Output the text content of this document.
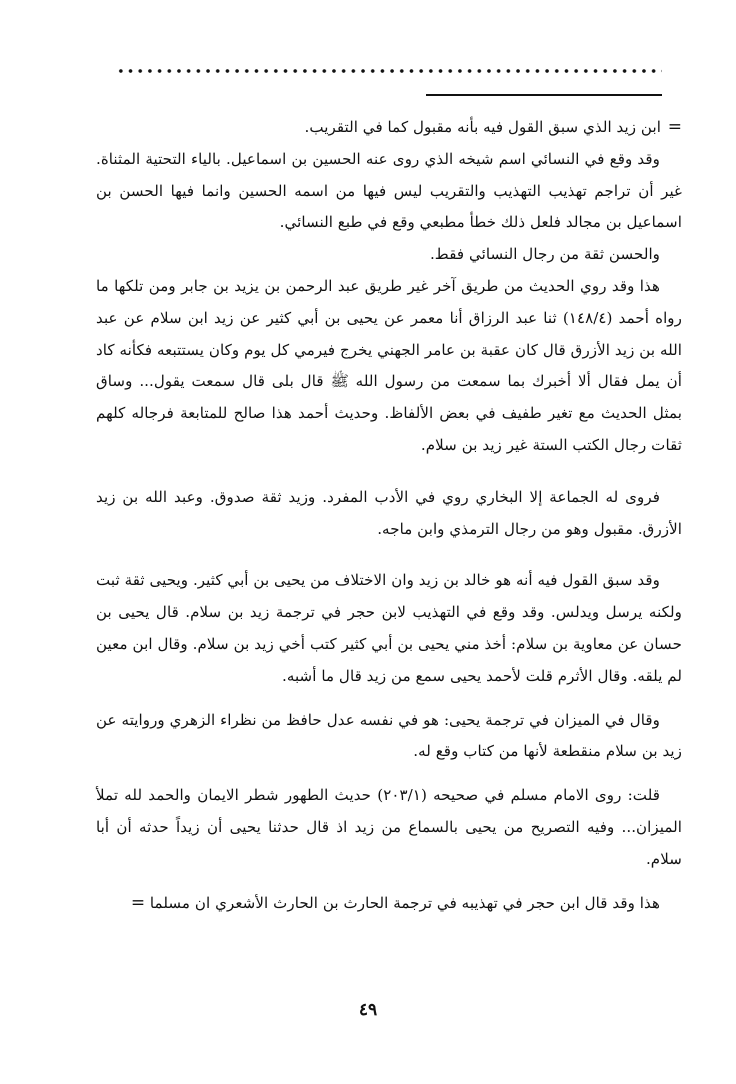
= ابن زيد الذي سبق القول فيه بأنه مقبول كما في التقريب.

وقد وقع في النسائي اسم شيخه الذي روى عنه الحسين بن اسماعيل. بالياء التحتية المثناة. غير أن تراجم تهذيب التهذيب والتقريب ليس فيها من اسمه الحسين وانما فيها الحسن بن اسماعيل بن مجالد فلعل ذلك خطأ مطبعي وقع في طبع النسائي.

والحسن ثقة من رجال النسائي فقط.

هذا وقد روي الحديث من طريق آخر غير طريق عبد الرحمن بن يزيد بن جابر ومن تلكها ما رواه أحمد (١٤٨/٤) ثنا عبد الرزاق أنا معمر عن يحيى بن أبي كثير عن زيد ابن سلام عن عبد الله بن زيد الأزرق قال كان عقبة بن عامر الجهني يخرج فيرمي كل يوم وكان يستتبعه فكأنه كاد أن يمل فقال ألا أخبرك بما سمعت من رسول الله ﷺ قال بلى قال سمعت يقول... وساق بمثل الحديث مع تغير طفيف في بعض الألفاظ. وحديث أحمد هذا صالح للمتابعة فرجاله كلهم ثقات رجال الكتب الستة غير زيد بن سلام.

فروى له الجماعة إلا البخاري روي في الأدب المفرد. وزيد ثقة صدوق. وعبد الله بن زيد الأزرق. مقبول وهو من رجال الترمذي وابن ماجه.

وقد سبق القول فيه أنه هو خالد بن زيد وان الاختلاف من يحيى بن أبي كثير. ويحيى ثقة ثبت ولكنه يرسل ويدلس. وقد وقع في التهذيب لابن حجر في ترجمة زيد بن سلام. قال يحيى بن حسان عن معاوية بن سلام: أخذ مني يحيى بن أبي كثير كتب أخي زيد بن سلام. وقال ابن معين لم يلقه. وقال الأثرم قلت لأحمد يحيى سمع من زيد قال ما أشبه.

وقال في الميزان في ترجمة يحيى: هو في نفسه عدل حافظ من نظراء الزهري وروايته عن زيد بن سلام منقطعة لأنها من كتاب وقع له.

قلت: روى الامام مسلم في صحيحه (٢٠٣/١) حديث الطهور شطر الايمان والحمد لله تملأ الميزان... وفيه التصريح من يحيى بالسماع من زيد اذ قال حدثنا يحيى أن زيداً حدثه أن أبا سلام.

هذا وقد قال ابن حجر في تهذيبه في ترجمة الحارث بن الحارث الأشعري ان مسلما =

٤٩
